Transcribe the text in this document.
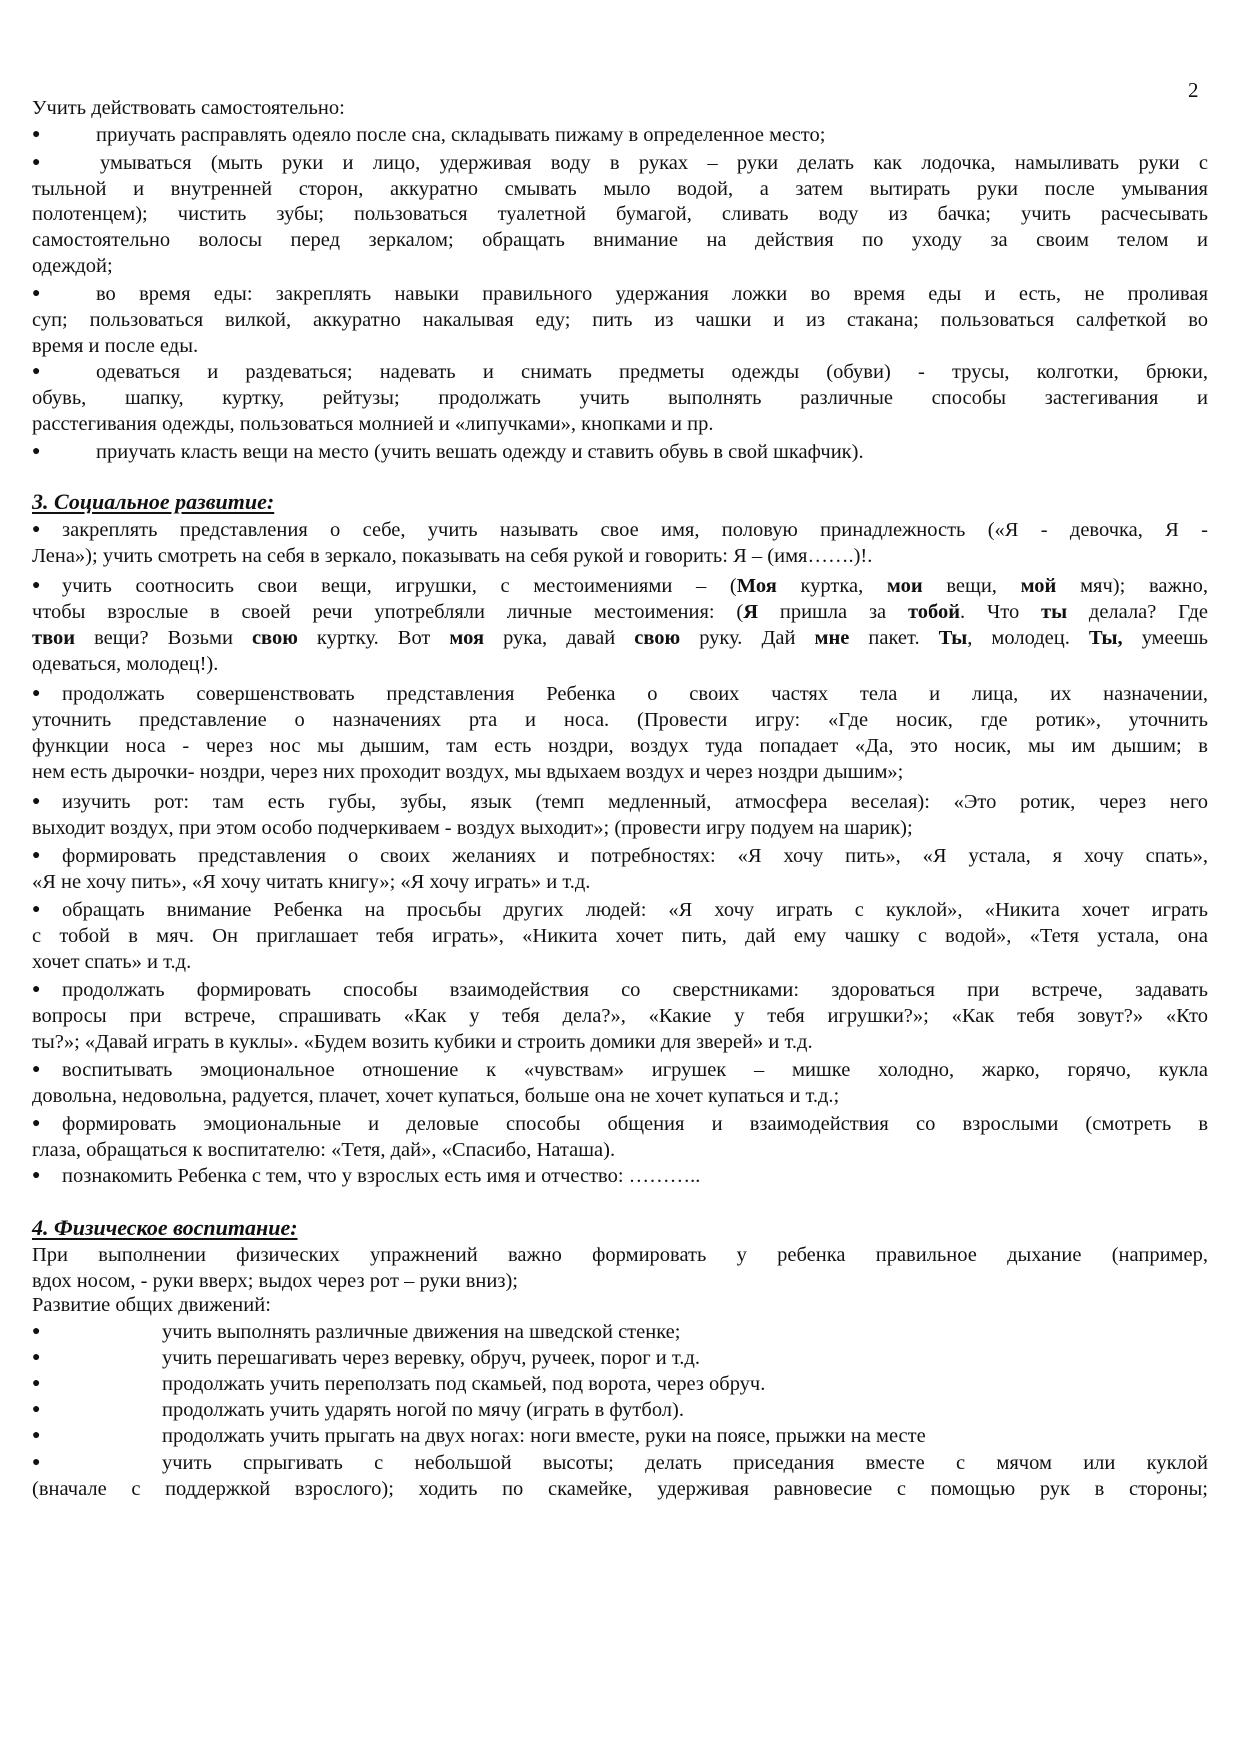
2
Учить действовать самостоятельно:
●	приучать расправлять одеяло после сна, складывать пижаму в определенное место;
●	умываться (мыть руки и лицо, удерживая воду в руках – руки делать как лодочка, намыливать руки с
тыльной и внутренней сторон, аккуратно смывать мыло водой, а затем вытирать руки после умывания
полотенцем); чистить зубы; пользоваться туалетной бумагой, сливать воду из бачка; учить расчесывать
самостоятельно волосы перед зеркалом; обращать внимание на действия по уходу за своим телом и
одеждой;
●	во время еды: закреплять навыки правильного удержания ложки во время еды и есть, не проливая
суп; пользоваться вилкой, аккуратно накалывая еду; пить из чашки и из стакана; пользоваться салфеткой во
время и после еды.
●	одеваться и раздеваться; надевать и снимать предметы одежды (обуви) - трусы, колготки, брюки,
обувь, шапку, куртку, рейтузы; продолжать учить выполнять различные способы застегивания и
расстегивания одежды, пользоваться молнией и «липучками», кнопками и пр.
●	приучать класть вещи на место (учить вешать одежду и ставить обувь в свой шкафчик).
3. Социальное развитие:
● закреплять представления о себе, учить называть свое имя, половую принадлежность («Я - девочка, Я -
Лена»); учить смотреть на себя в зеркало, показывать на себя рукой и говорить: Я – (имя…….)!.
● учить соотносить свои вещи, игрушки, с местоимениями – (Моя куртка, мои вещи, мой мяч); важно,
чтобы взрослые в своей речи употребляли личные местоимения: (Я пришла за тобой. Что ты делала? Где
твои вещи? Возьми свою куртку. Вот моя рука, давай свою руку. Дай мне пакет. Ты, молодец. Ты, умеешь
одеваться, молодец!).
● продолжать совершенствовать представления Ребенка о своих частях тела и лица, их назначении,
уточнить представление о назначениях рта и носа. (Провести игру: «Где носик, где ротик», уточнить
функции носа - через нос мы дышим, там есть ноздри, воздух туда попадает «Да, это носик, мы им дышим; в
нем есть дырочки- ноздри, через них проходит воздух, мы вдыхаем воздух и через ноздри дышим»;
● изучить рот: там есть губы, зубы, язык (темп медленный, атмосфера веселая): «Это ротик, через него
выходит воздух, при этом особо подчеркиваем - воздух выходит»; (провести игру подуем на шарик);
● формировать представления о своих желаниях и потребностях: «Я хочу пить», «Я устала, я хочу спать»,
«Я не хочу пить», «Я хочу читать книгу»; «Я хочу играть» и т.д.
● обращать внимание Ребенка на просьбы других людей: «Я хочу играть с куклой», «Никита хочет играть
с тобой в мяч. Он приглашает тебя играть», «Никита хочет пить, дай ему чашку с водой», «Тетя устала, она
хочет спать» и т.д.
● продолжать формировать способы взаимодействия со сверстниками: здороваться при встрече, задавать
вопросы при встрече, спрашивать «Как у тебя дела?», «Какие у тебя игрушки?»; «Как тебя зовут?» «Кто
ты?»; «Давай играть в куклы». «Будем возить кубики и строить домики для зверей» и т.д.
● воспитывать эмоциональное отношение к «чувствам» игрушек – мишке холодно, жарко, горячо, кукла
довольна, недовольна, радуется, плачет, хочет купаться, больше она не хочет купаться и т.д.;
● формировать эмоциональные и деловые способы общения и взаимодействия со взрослыми (смотреть в
глаза, обращаться к воспитателю: «Тетя, дай», «Спасибо, Наташа).
● познакомить Ребенка с тем, что у взрослых есть имя и отчество: ………..
4. Физическое воспитание:
При выполнении физических упражнений важно формировать у ребенка правильное дыхание (например,
вдох носом, - руки вверх; выдох через рот – руки вниз);
Развитие общих движений:
●	учить выполнять различные движения на шведской стенке;
●	учить перешагивать через веревку, обруч, ручеек, порог и т.д.
●	продолжать учить переползать под скамьей, под ворота, через обруч.
●	продолжать учить ударять ногой по мячу (играть в футбол).
●	продолжать учить прыгать на двух ногах: ноги вместе, руки на поясе, прыжки на месте
●	учить спрыгивать с небольшой высоты; делать приседания вместе с мячом или куклой
(вначале с поддержкой взрослого); ходить по скамейке, удерживая равновесие с помощью рук в стороны;
